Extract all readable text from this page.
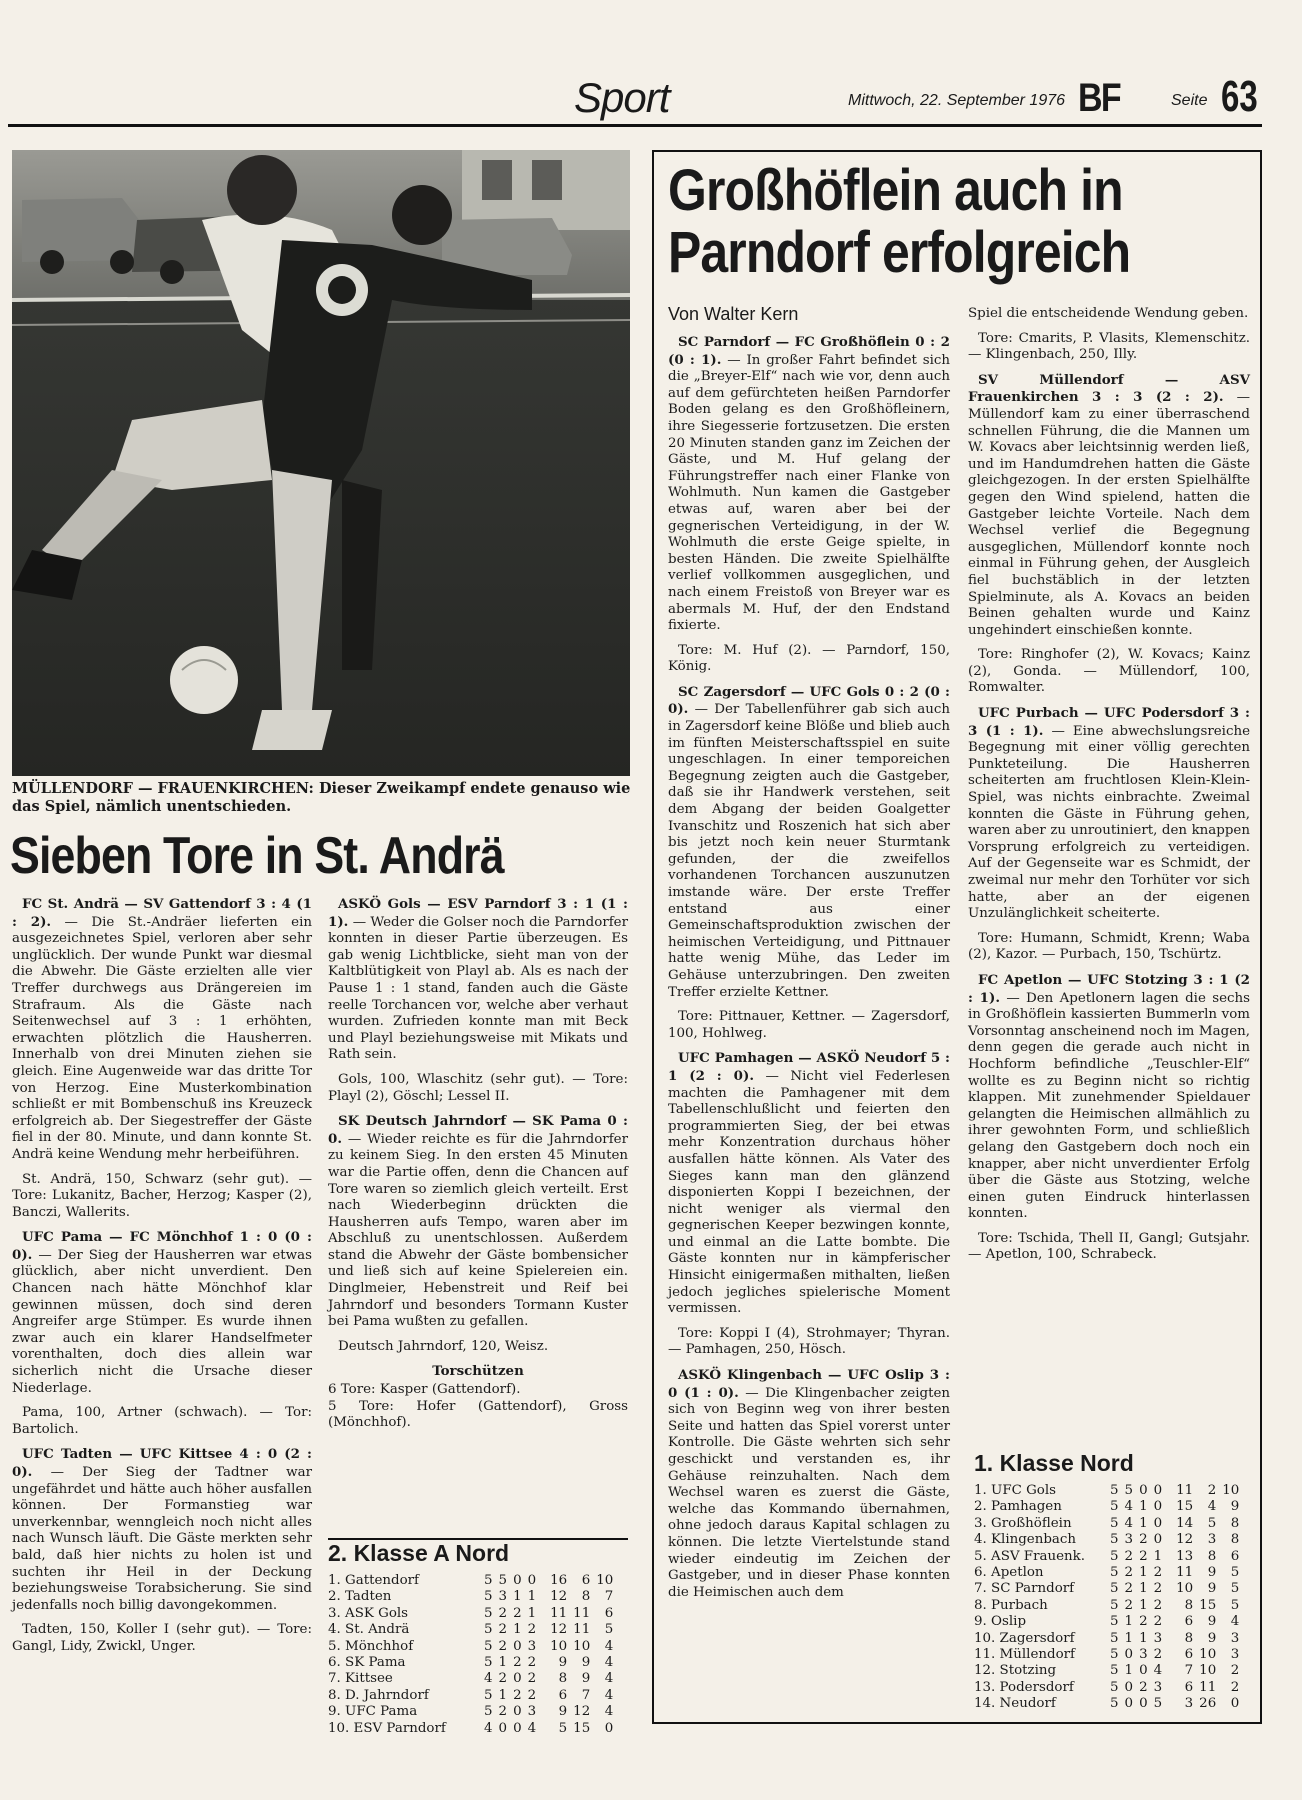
Sport	Mittwoch, 22. September 1976 BF	Seite 63
MÜLLENDORF — FRAUENKIRCHEN: Dieser Zweikampf endete genauso wie das Spiel, nämlich unentschieden.
Sieben Tore in St. Andrä

FC St. Andrä — SV Gattendorf 3 : 4 (1 : 2). — Die St.-Andräer lieferten ein ausgezeichnetes Spiel, verloren aber sehr unglücklich. Der wunde Punkt war diesmal die Abwehr. Die Gäste erzielten alle vier Treffer durchwegs aus Drängereien im Strafraum. Als die Gäste nach Seitenwechsel auf 3 : 1 erhöhten, erwachten plötzlich die Hausherren. Innerhalb von drei Minuten ziehen sie gleich. Eine Augenweide war das dritte Tor von Herzog. Eine Musterkombination schließt er mit Bombenschuß ins Kreuzeck erfolgreich ab. Der Siegestreffer der Gäste fiel in der 80. Minute, und dann konnte St. Andrä keine Wendung mehr herbeiführen.

St. Andrä, 150, Schwarz (sehr gut). — Tore: Lukanitz, Bacher, Herzog; Kasper (2), Banczi, Wallerits.

UFC Pama — FC Mönchhof 1 : 0 (0 : 0). — Der Sieg der Hausherren war etwas glücklich, aber nicht unverdient. Den Chancen nach hätte Mönchhof klar gewinnen müssen, doch sind deren Angreifer arge Stümper. Es wurde ihnen zwar auch ein klarer Handselfmeter vorenthalten, doch dies allein war sicherlich nicht die Ursache dieser Niederlage.

Pama, 100, Artner (schwach). — Tor: Bartolich.

UFC Tadten — UFC Kittsee 4 : 0 (2 : 0). — Der Sieg der Tadtner war ungefährdet und hätte auch höher ausfallen können. Der Formanstieg war unverkennbar, wenngleich noch nicht alles nach Wunsch läuft. Die Gäste merkten sehr bald, daß hier nichts zu holen ist und suchten ihr Heil in der Deckung beziehungsweise Torabsicherung. Sie sind jedenfalls noch billig davongekommen.

Tadten, 150, Koller I (sehr gut). — Tore: Gangl, Lidy, Zwickl, Unger.

ASKÖ Gols — ESV Parndorf 3 : 1 (1 : 1). — Weder die Golser noch die Parndorfer konnten in dieser Partie überzeugen. Es gab wenig Lichtblicke, sieht man von der Kaltblütigkeit von Playl ab. Als es nach der Pause 1 : 1 stand, fanden auch die Gäste reelle Torchancen vor, welche aber verhaut wurden. Zufrieden konnte man mit Beck und Playl beziehungsweise mit Mikats und Rath sein.

Gols, 100, Wlaschitz (sehr gut). — Tore: Playl (2), Göschl; Lessel II.

SK Deutsch Jahrndorf — SK Pama 0 : 0. — Wieder reichte es für die Jahrndorfer zu keinem Sieg. In den ersten 45 Minuten war die Partie offen, denn die Chancen auf Tore waren so ziemlich gleich verteilt. Erst nach Wiederbeginn drückten die Hausherren aufs Tempo, waren aber im Abschluß zu unentschlossen. Außerdem stand die Abwehr der Gäste bombensicher und ließ sich auf keine Spielereien ein. Dinglmeier, Hebenstreit und Reif bei Jahrndorf und besonders Tormann Kuster bei Pama wußten zu gefallen.

Deutsch Jahrndorf, 120, Weisz.

Torschützen
6 Tore: Kasper (Gattendorf).
5 Tore: Hofer (Gattendorf), Gross (Mönchhof).
2. Klasse A Nord
1. Gattendorf	5	5	0	0	16	6	10
2. Tadten	5	3	1	1	12	8	7
3. ASK Gols	5	2	2	1	11	11	6
4. St. Andrä	5	2	1	2	12	11	5
5. Mönchhof	5	2	0	3	10	10	4
6. SK Pama	5	1	2	2	9	9	4
7. Kittsee	4	2	0	2	8	9	4
8. D. Jahrndorf	5	1	2	2	6	7	4
9. UFC Pama	5	2	0	3	9	12	4
10. ESV Parndorf	4	0	0	4	5	15	0
Großhöflein auch in Parndorf erfolgreich
Von Walter Kern

SC Parndorf — FC Großhöflein 0 : 2 (0 : 1). — In großer Fahrt befindet sich die „Breyer-Elf“ nach wie vor, denn auch auf dem gefürchteten heißen Parndorfer Boden gelang es den Großhöfleinern, ihre Siegesserie fortzusetzen. Die ersten 20 Minuten standen ganz im Zeichen der Gäste, und M. Huf gelang der Führungstreffer nach einer Flanke von Wohlmuth. Nun kamen die Gastgeber etwas auf, waren aber bei der gegnerischen Verteidigung, in der W. Wohlmuth die erste Geige spielte, in besten Händen. Die zweite Spielhälfte verlief vollkommen ausgeglichen, und nach einem Freistoß von Breyer war es abermals M. Huf, der den Endstand fixierte.

Tore: M. Huf (2). — Parndorf, 150, König.

SC Zagersdorf — UFC Gols 0 : 2 (0 : 0). — Der Tabellenführer gab sich auch in Zagersdorf keine Blöße und blieb auch im fünften Meisterschaftsspiel en suite ungeschlagen. In einer temporeichen Begegnung zeigten auch die Gastgeber, daß sie ihr Handwerk verstehen, seit dem Abgang der beiden Goalgetter Ivanschitz und Roszenich hat sich aber bis jetzt noch kein neuer Sturmtank gefunden, der die zweifellos vorhandenen Torchancen auszunutzen imstande wäre. Der erste Treffer entstand aus einer Gemeinschaftsproduktion zwischen der heimischen Verteidigung, und Pittnauer hatte wenig Mühe, das Leder im Gehäuse unterzubringen. Den zweiten Treffer erzielte Kettner.

Tore: Pittnauer, Kettner. — Zagersdorf, 100, Hohlweg.

UFC Pamhagen — ASKÖ Neudorf 5 : 1 (2 : 0). — Nicht viel Federlesen machten die Pamhagener mit dem Tabellenschlußlicht und feierten den programmierten Sieg, der bei etwas mehr Konzentration durchaus höher ausfallen hätte können. Als Vater des Sieges kann man den glänzend disponierten Koppi I bezeichnen, der nicht weniger als viermal den gegnerischen Keeper bezwingen konnte, und einmal an die Latte bombte. Die Gäste konnten nur in kämpferischer Hinsicht einigermaßen mithalten, ließen jedoch jegliches spielerische Moment vermissen.

Tore: Koppi I (4), Strohmayer; Thyran. — Pamhagen, 250, Hösch.

ASKÖ Klingenbach — UFC Oslip 3 : 0 (1 : 0). — Die Klingenbacher zeigten sich von Beginn weg von ihrer besten Seite und hatten das Spiel vorerst unter Kontrolle. Die Gäste wehrten sich sehr geschickt und verstanden es, ihr Gehäuse reinzuhalten. Nach dem Wechsel waren es zuerst die Gäste, welche das Kommando übernahmen, ohne jedoch daraus Kapital schlagen zu können. Die letzte Viertelstunde stand wieder eindeutig im Zeichen der Gastgeber, und in dieser Phase konnten die Heimischen auch dem

Spiel die entscheidende Wendung geben.

Tore: Cmarits, P. Vlasits, Klemenschitz. — Klingenbach, 250, Illy.

SV Müllendorf — ASV Frauenkirchen 3 : 3 (2 : 2). — Müllendorf kam zu einer überraschend schnellen Führung, die die Mannen um W. Kovacs aber leichtsinnig werden ließ, und im Handumdrehen hatten die Gäste gleichgezogen. In der ersten Spielhälfte gegen den Wind spielend, hatten die Gastgeber leichte Vorteile. Nach dem Wechsel verlief die Begegnung ausgeglichen, Müllendorf konnte noch einmal in Führung gehen, der Ausgleich fiel buchstäblich in der letzten Spielminute, als A. Kovacs an beiden Beinen gehalten wurde und Kainz ungehindert einschießen konnte.

Tore: Ringhofer (2), W. Kovacs; Kainz (2), Gonda. — Müllendorf, 100, Romwalter.

UFC Purbach — UFC Podersdorf 3 : 3 (1 : 1). — Eine abwechslungsreiche Begegnung mit einer völlig gerechten Punkteteilung. Die Hausherren scheiterten am fruchtlosen Klein-Klein-Spiel, was nichts einbrachte. Zweimal konnten die Gäste in Führung gehen, waren aber zu unroutiniert, den knappen Vorsprung erfolgreich zu verteidigen. Auf der Gegenseite war es Schmidt, der zweimal nur mehr den Torhüter vor sich hatte, aber an der eigenen Unzulänglichkeit scheiterte.

Tore: Humann, Schmidt, Krenn; Waba (2), Kazor. — Purbach, 150, Tschürtz.

FC Apetlon — UFC Stotzing 3 : 1 (2 : 1). — Den Apetlonern lagen die sechs in Großhöflein kassierten Bummerln vom Vorsonntag anscheinend noch im Magen, denn gegen die gerade auch nicht in Hochform befindliche „Teuschler-Elf“ wollte es zu Beginn nicht so richtig klappen. Mit zunehmender Spieldauer gelangten die Heimischen allmählich zu ihrer gewohnten Form, und schließlich gelang den Gastgebern doch noch ein knapper, aber nicht unverdienter Erfolg über die Gäste aus Stotzing, welche einen guten Eindruck hinterlassen konnten.

Tore: Tschida, Thell II, Gangl; Gutsjahr. — Apetlon, 100, Schrabeck.

1. Klasse Nord
1. UFC Gols	5	5	0	0	11	2	10
2. Pamhagen	5	4	1	0	15	4	9
3. Großhöflein	5	4	1	0	14	5	8
4. Klingenbach	5	3	2	0	12	3	8
5. ASV Frauenk.	5	2	2	1	13	8	6
6. Apetlon	5	2	1	2	11	9	5
7. SC Parndorf	5	2	1	2	10	9	5
8. Purbach	5	2	1	2	8	15	5
9. Oslip	5	1	2	2	6	9	4
10. Zagersdorf	5	1	1	3	8	9	3
11. Müllendorf	5	0	3	2	6	10	3
12. Stotzing	5	1	0	4	7	10	2
13. Podersdorf	5	0	2	3	6	11	2
14. Neudorf	5	0	0	5	3	26	0
